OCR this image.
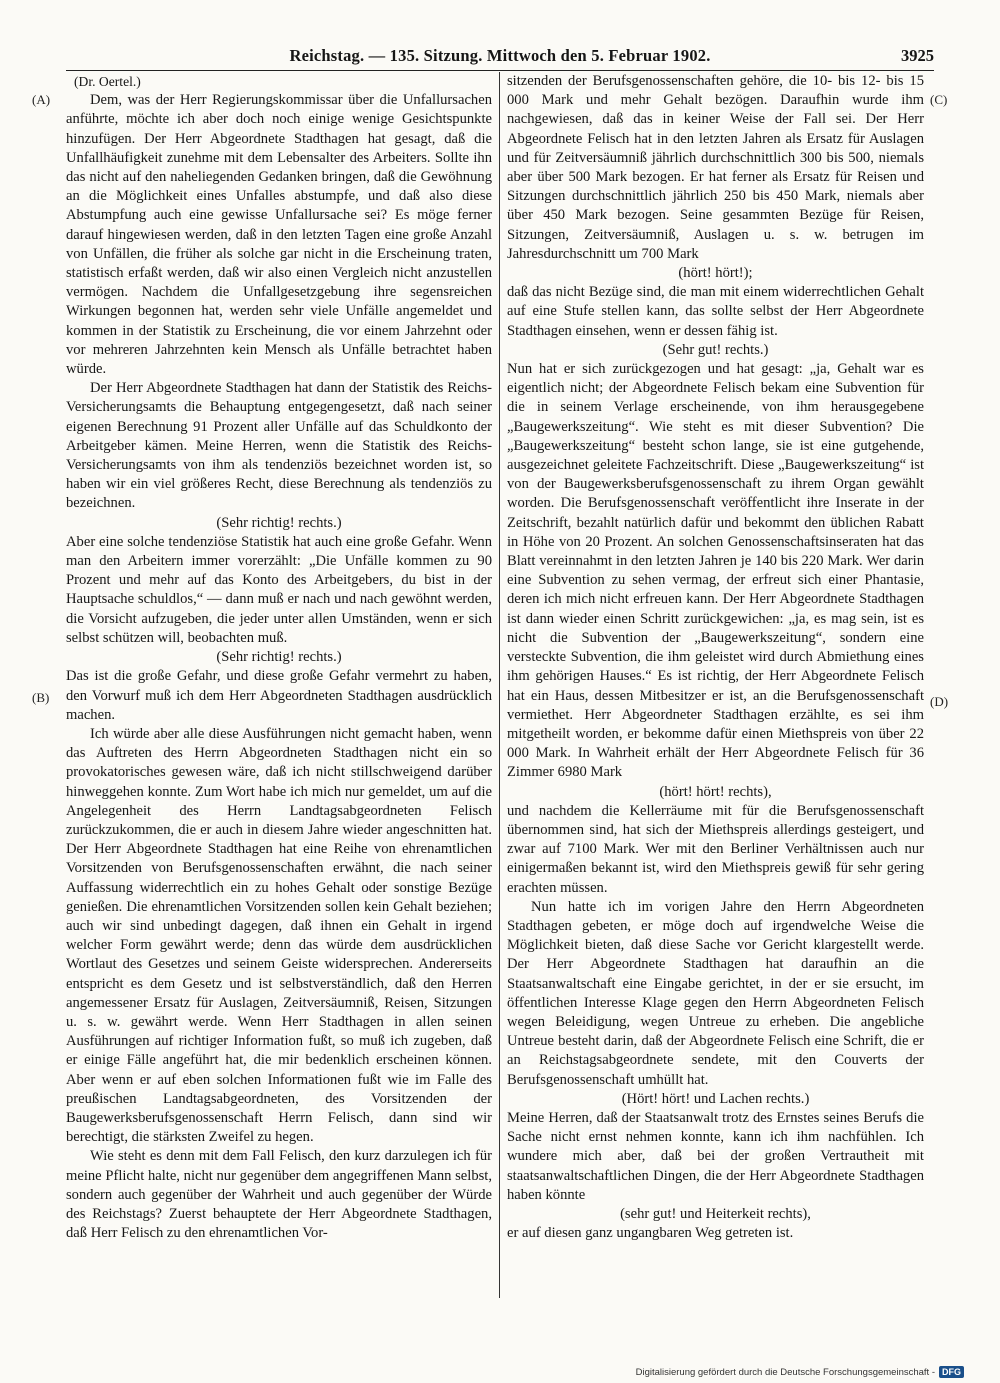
Reichstag. — 135. Sitzung. Mittwoch den 5. Februar 1902.	3925
(A)
(B)
(C)
(D)

(Dr. Oertel.)

Dem, was der Herr Regierungskommissar über die Unfallursachen anführte, möchte ich aber doch noch einige wenige Gesichtspunkte hinzufügen. Der Herr Abgeordnete Stadthagen hat gesagt, daß die Unfallhäufigkeit zunehme mit dem Lebensalter des Arbeiters. Sollte ihn das nicht auf den naheliegenden Gedanken bringen, daß die Gewöhnung an die Möglichkeit eines Unfalles abstumpfe, und daß also diese Abstumpfung auch eine gewisse Unfallursache sei? Es möge ferner darauf hingewiesen werden, daß in den letzten Tagen eine große Anzahl von Unfällen, die früher als solche gar nicht in die Erscheinung traten, statistisch erfaßt werden, daß wir also einen Vergleich nicht anzustellen vermögen. Nachdem die Unfallgesetzgebung ihre segensreichen Wirkungen begonnen hat, werden sehr viele Unfälle angemeldet und kommen in der Statistik zu Erscheinung, die vor einem Jahrzehnt oder vor mehreren Jahrzehnten kein Mensch als Unfälle betrachtet haben würde.

Der Herr Abgeordnete Stadthagen hat dann der Statistik des Reichs-Versicherungsamts die Behauptung entgegengesetzt, daß nach seiner eigenen Berechnung 91 Prozent aller Unfälle auf das Schuldkonto der Arbeitgeber kämen. Meine Herren, wenn die Statistik des Reichs-Versicherungsamts von ihm als tendenziös bezeichnet worden ist, so haben wir ein viel größeres Recht, diese Berechnung als tendenziös zu bezeichnen.

(Sehr richtig! rechts.)

Aber eine solche tendenziöse Statistik hat auch eine große Gefahr. Wenn man den Arbeitern immer vorerzählt: „Die Unfälle kommen zu 90 Prozent und mehr auf das Konto des Arbeitgebers, du bist in der Hauptsache schuldlos,“ — dann muß er nach und nach gewöhnt werden, die Vorsicht aufzugeben, die jeder unter allen Umständen, wenn er sich selbst schützen will, beobachten muß.

(Sehr richtig! rechts.)

Das ist die große Gefahr, und diese große Gefahr vermehrt zu haben, den Vorwurf muß ich dem Herr Abgeordneten Stadthagen ausdrücklich machen.

Ich würde aber alle diese Ausführungen nicht gemacht haben, wenn das Auftreten des Herrn Abgeordneten Stadthagen nicht ein so provokatorisches gewesen wäre, daß ich nicht stillschweigend darüber hinweggehen konnte. Zum Wort habe ich mich nur gemeldet, um auf die Angelegenheit des Herrn Landtagsabgeordneten Felisch zurückzukommen, die er auch in diesem Jahre wieder angeschnitten hat. Der Herr Abgeordnete Stadthagen hat eine Reihe von ehrenamtlichen Vorsitzenden von Berufsgenossenschaften erwähnt, die nach seiner Auffassung widerrechtlich ein zu hohes Gehalt oder sonstige Bezüge genießen. Die ehrenamtlichen Vorsitzenden sollen kein Gehalt beziehen; auch wir sind unbedingt dagegen, daß ihnen ein Gehalt in irgend welcher Form gewährt werde; denn das würde dem ausdrücklichen Wortlaut des Gesetzes und seinem Geiste widersprechen. Andererseits entspricht es dem Gesetz und ist selbstverständlich, daß den Herren angemessener Ersatz für Auslagen, Zeitversäumniß, Reisen, Sitzungen u. s. w. gewährt werde. Wenn Herr Stadthagen in allen seinen Ausführungen auf richtiger Information fußt, so muß ich zugeben, daß er einige Fälle angeführt hat, die mir bedenklich erscheinen können. Aber wenn er auf eben solchen Informationen fußt wie im Falle des preußischen Landtagsabgeordneten, des Vorsitzenden der Baugewerksberufsgenossenschaft Herrn Felisch, dann sind wir berechtigt, die stärksten Zweifel zu hegen.

Wie steht es denn mit dem Fall Felisch, den kurz darzulegen ich für meine Pflicht halte, nicht nur gegenüber dem angegriffenen Mann selbst, sondern auch gegenüber der Wahrheit und auch gegenüber der Würde des Reichstags? Zuerst behauptete der Herr Abgeordnete Stadthagen, daß Herr Felisch zu den ehrenamtlichen Vor-

sitzenden der Berufsgenossenschaften gehöre, die 10- bis 12- bis 15 000 Mark und mehr Gehalt bezögen. Daraufhin wurde ihm nachgewiesen, daß das in keiner Weise der Fall sei. Der Herr Abgeordnete Felisch hat in den letzten Jahren als Ersatz für Auslagen und für Zeitversäumniß jährlich durchschnittlich 300 bis 500, niemals aber über 500 Mark bezogen. Er hat ferner als Ersatz für Reisen und Sitzungen durchschnittlich jährlich 250 bis 450 Mark, niemals aber über 450 Mark bezogen. Seine gesammten Bezüge für Reisen, Sitzungen, Zeitversäumniß, Auslagen u. s. w. betrugen im Jahresdurchschnitt um 700 Mark

(hört! hört!);

daß das nicht Bezüge sind, die man mit einem widerrechtlichen Gehalt auf eine Stufe stellen kann, das sollte selbst der Herr Abgeordnete Stadthagen einsehen, wenn er dessen fähig ist.

(Sehr gut! rechts.)

Nun hat er sich zurückgezogen und hat gesagt: „ja, Gehalt war es eigentlich nicht; der Abgeordnete Felisch bekam eine Subvention für die in seinem Verlage erscheinende, von ihm herausgegebene „Baugewerkszeitung“. Wie steht es mit dieser Subvention? Die „Baugewerkszeitung“ besteht schon lange, sie ist eine gutgehende, ausgezeichnet geleitete Fachzeitschrift. Diese „Baugewerkszeitung“ ist von der Baugewerksberufsgenossenschaft zu ihrem Organ gewählt worden. Die Berufsgenossenschaft veröffentlicht ihre Inserate in der Zeitschrift, bezahlt natürlich dafür und bekommt den üblichen Rabatt in Höhe von 20 Prozent. An solchen Genossenschaftsinseraten hat das Blatt vereinnahmt in den letzten Jahren je 140 bis 220 Mark. Wer darin eine Subvention zu sehen vermag, der erfreut sich einer Phantasie, deren ich mich nicht erfreuen kann. Der Herr Abgeordnete Stadthagen ist dann wieder einen Schritt zurückgewichen: „ja, es mag sein, ist es nicht die Subvention der „Baugewerkszeitung“, sondern eine versteckte Subvention, die ihm geleistet wird durch Abmiethung eines ihm gehörigen Hauses.“ Es ist richtig, der Herr Abgeordnete Felisch hat ein Haus, dessen Mitbesitzer er ist, an die Berufsgenossenschaft vermiethet. Herr Abgeordneter Stadthagen erzählte, es sei ihm mitgetheilt worden, er bekomme dafür einen Miethspreis von über 22 000 Mark. In Wahrheit erhält der Herr Abgeordnete Felisch für 36 Zimmer 6980 Mark

(hört! hört! rechts),

und nachdem die Kellerräume mit für die Berufsgenossenschaft übernommen sind, hat sich der Miethspreis allerdings gesteigert, und zwar auf 7100 Mark. Wer mit den Berliner Verhältnissen auch nur einigermaßen bekannt ist, wird den Miethspreis gewiß für sehr gering erachten müssen.

Nun hatte ich im vorigen Jahre den Herrn Abgeordneten Stadthagen gebeten, er möge doch auf irgendwelche Weise die Möglichkeit bieten, daß diese Sache vor Gericht klargestellt werde. Der Herr Abgeordnete Stadthagen hat daraufhin an die Staatsanwaltschaft eine Eingabe gerichtet, in der er sie ersucht, im öffentlichen Interesse Klage gegen den Herrn Abgeordneten Felisch wegen Beleidigung, wegen Untreue zu erheben. Die angebliche Untreue besteht darin, daß der Abgeordnete Felisch eine Schrift, die er an Reichstagsabgeordnete sendete, mit den Couverts der Berufsgenossenschaft umhüllt hat.

(Hört! hört! und Lachen rechts.)

Meine Herren, daß der Staatsanwalt trotz des Ernstes seines Berufs die Sache nicht ernst nehmen konnte, kann ich ihm nachfühlen. Ich wundere mich aber, daß bei der großen Vertrautheit mit staatsanwaltschaftlichen Dingen, die der Herr Abgeordnete Stadthagen haben könnte

(sehr gut! und Heiterkeit rechts),

er auf diesen ganz ungangbaren Weg getreten ist.

Digitalisierung gefördert durch die Deutsche Forschungsgemeinschaft - DFG
